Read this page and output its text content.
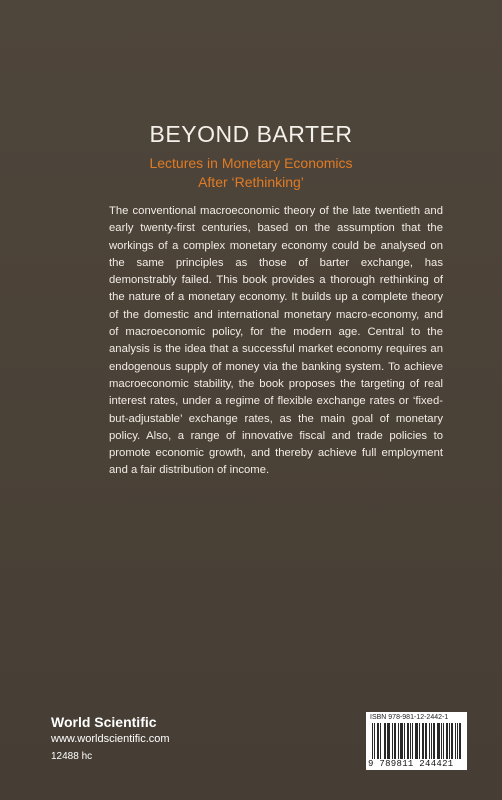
BEYOND BARTER
Lectures in Monetary Economics
After ‘Rethinking’

The conventional macroeconomic theory of the late twentieth and early twenty-first centuries, based on the assumption that the workings of a complex monetary economy could be analysed on the same principles as those of barter exchange, has demonstrably failed. This book provides a thorough rethinking of the nature of a monetary economy. It builds up a complete theory of the domestic and international monetary macro-economy, and of macroeconomic policy, for the modern age. Central to the analysis is the idea that a successful market economy requires an endogenous supply of money via the banking system. To achieve macroeconomic stability, the book proposes the targeting of real interest rates, under a regime of flexible exchange rates or ‘fixed-but-adjustable’ exchange rates, as the main goal of monetary policy. Also, a range of innovative fiscal and trade policies to promote economic growth, and thereby achieve full employment and a fair distribution of income.

World Scientific
www.worldscientific.com
12488 hc
ISBN 978-981-12-2442-1
9 789811 244421
